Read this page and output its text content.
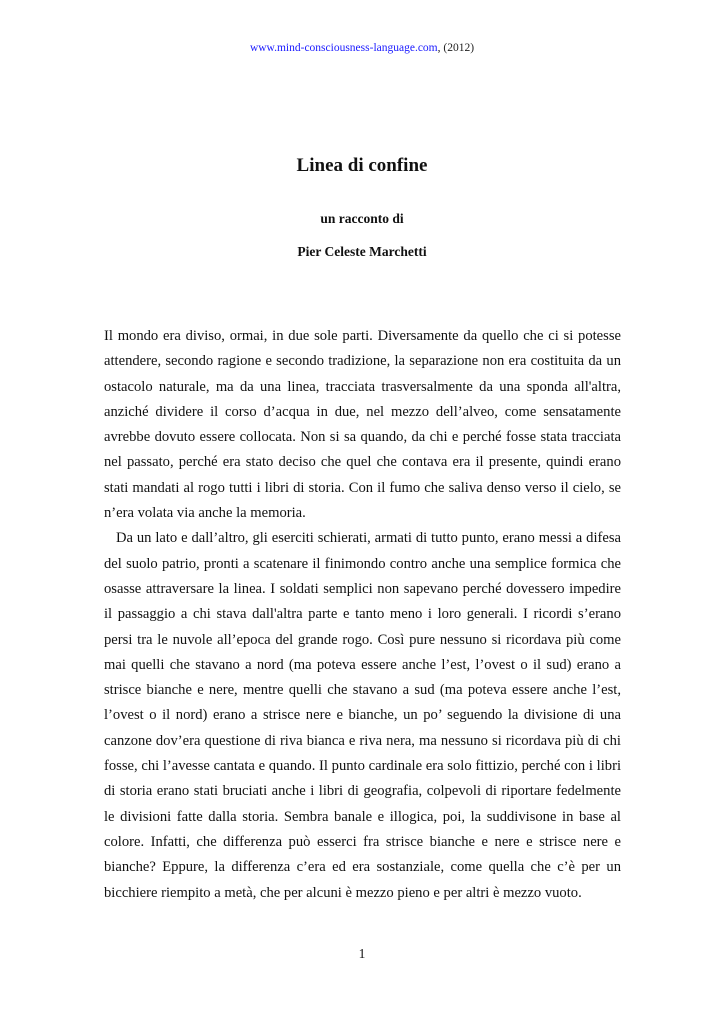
www.mind-consciousness-language.com, (2012)
Linea di confine
un racconto di
Pier Celeste Marchetti

Il mondo era diviso, ormai, in due sole parti. Diversamente da quello che ci si potesse attendere, secondo ragione e secondo tradizione, la separazione non era costituita da un ostacolo naturale, ma da una linea, tracciata trasversalmente da una sponda all'altra, anziché dividere il corso d’acqua in due, nel mezzo dell’alveo, come sensatamente avrebbe dovuto essere collocata. Non si sa quando, da chi e perché fosse stata tracciata nel passato, perché era stato deciso che quel che contava era il presente, quindi erano stati mandati al rogo tutti i libri di storia. Con il fumo che saliva denso verso il cielo, se n’era volata via anche la memoria.

Da un lato e dall’altro, gli eserciti schierati, armati di tutto punto, erano messi a difesa del suolo patrio, pronti a scatenare il finimondo contro anche una semplice formica che osasse attraversare la linea. I soldati semplici non sapevano perché dovessero impedire il passaggio a chi stava dall'altra parte e tanto meno i loro generali. I ricordi s’erano persi tra le nuvole all’epoca del grande rogo. Così pure nessuno si ricordava più come mai quelli che stavano a nord (ma poteva essere anche l’est, l’ovest o il sud) erano a strisce bianche e nere, mentre quelli che stavano a sud (ma poteva essere anche l’est, l’ovest o il nord) erano a strisce nere e bianche, un po’ seguendo la divisione di una canzone dov’era questione di riva bianca e riva nera, ma nessuno si ricordava più di chi fosse, chi l’avesse cantata e quando. Il punto cardinale era solo fittizio, perché con i libri di storia erano stati bruciati anche i libri di geografia, colpevoli di riportare fedelmente le divisioni fatte dalla storia. Sembra banale e illogica, poi, la suddivisone in base al colore. Infatti, che differenza può esserci fra strisce bianche e nere e strisce nere e bianche? Eppure, la differenza c’era ed era sostanziale, come quella che c’è per un bicchiere riempito a metà, che per alcuni è mezzo pieno e per altri è mezzo vuoto.

1
